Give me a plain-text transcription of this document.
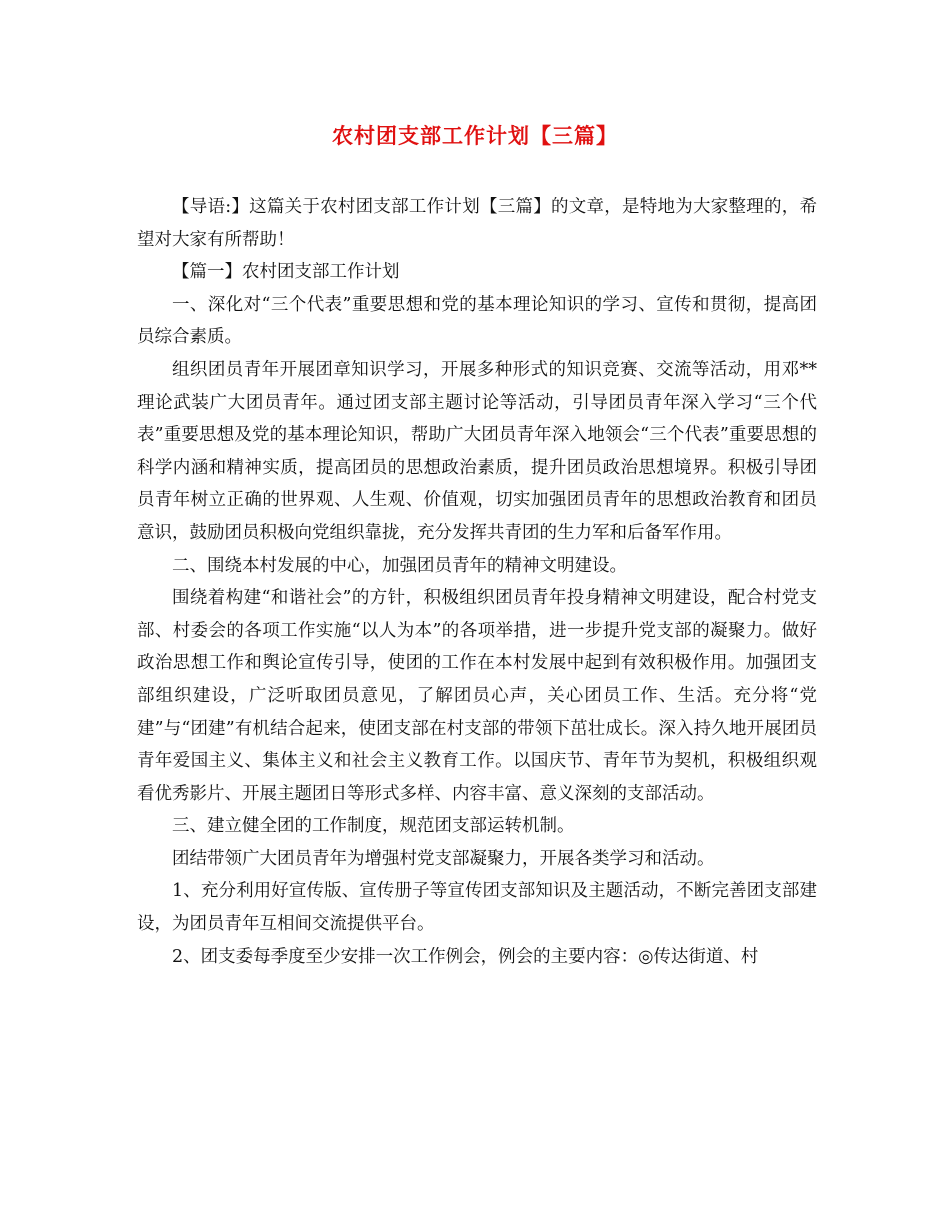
农村团支部工作计划【三篇】

【导语:】这篇关于农村团支部工作计划【三篇】的文章，是特地为大家整理的，希望对大家有所帮助！

【篇一】农村团支部工作计划

一、深化对“三个代表”重要思想和党的基本理论知识的学习、宣传和贯彻，提高团员综合素质。

组织团员青年开展团章知识学习，开展多种形式的知识竞赛、交流等活动，用邓**理论武装广大团员青年。通过团支部主题讨论等活动，引导团员青年深入学习“三个代表”重要思想及党的基本理论知识，帮助广大团员青年深入地领会“三个代表”重要思想的科学内涵和精神实质，提高团员的思想政治素质，提升团员政治思想境界。积极引导团员青年树立正确的世界观、人生观、价值观，切实加强团员青年的思想政治教育和团员意识，鼓励团员积极向党组织靠拢，充分发挥共青团的生力军和后备军作用。

二、围绕本村发展的中心，加强团员青年的精神文明建设。

围绕着构建“和谐社会”的方针，积极组织团员青年投身精神文明建设，配合村党支部、村委会的各项工作实施“以人为本”的各项举措，进一步提升党支部的凝聚力。做好政治思想工作和舆论宣传引导，使团的工作在本村发展中起到有效积极作用。加强团支部组织建设，广泛听取团员意见，了解团员心声，关心团员工作、生活。充分将“党建”与“团建”有机结合起来，使团支部在村支部的带领下茁壮成长。深入持久地开展团员青年爱国主义、集体主义和社会主义教育工作。以国庆节、青年节为契机，积极组织观看优秀影片、开展主题团日等形式多样、内容丰富、意义深刻的支部活动。

三、建立健全团的工作制度，规范团支部运转机制。

团结带领广大团员青年为增强村党支部凝聚力，开展各类学习和活动。

1、充分利用好宣传版、宣传册子等宣传团支部知识及主题活动，不断完善团支部建设，为团员青年互相间交流提供平台。

2、团支委每季度至少安排一次工作例会，例会的主要内容：◎传达街道、村
